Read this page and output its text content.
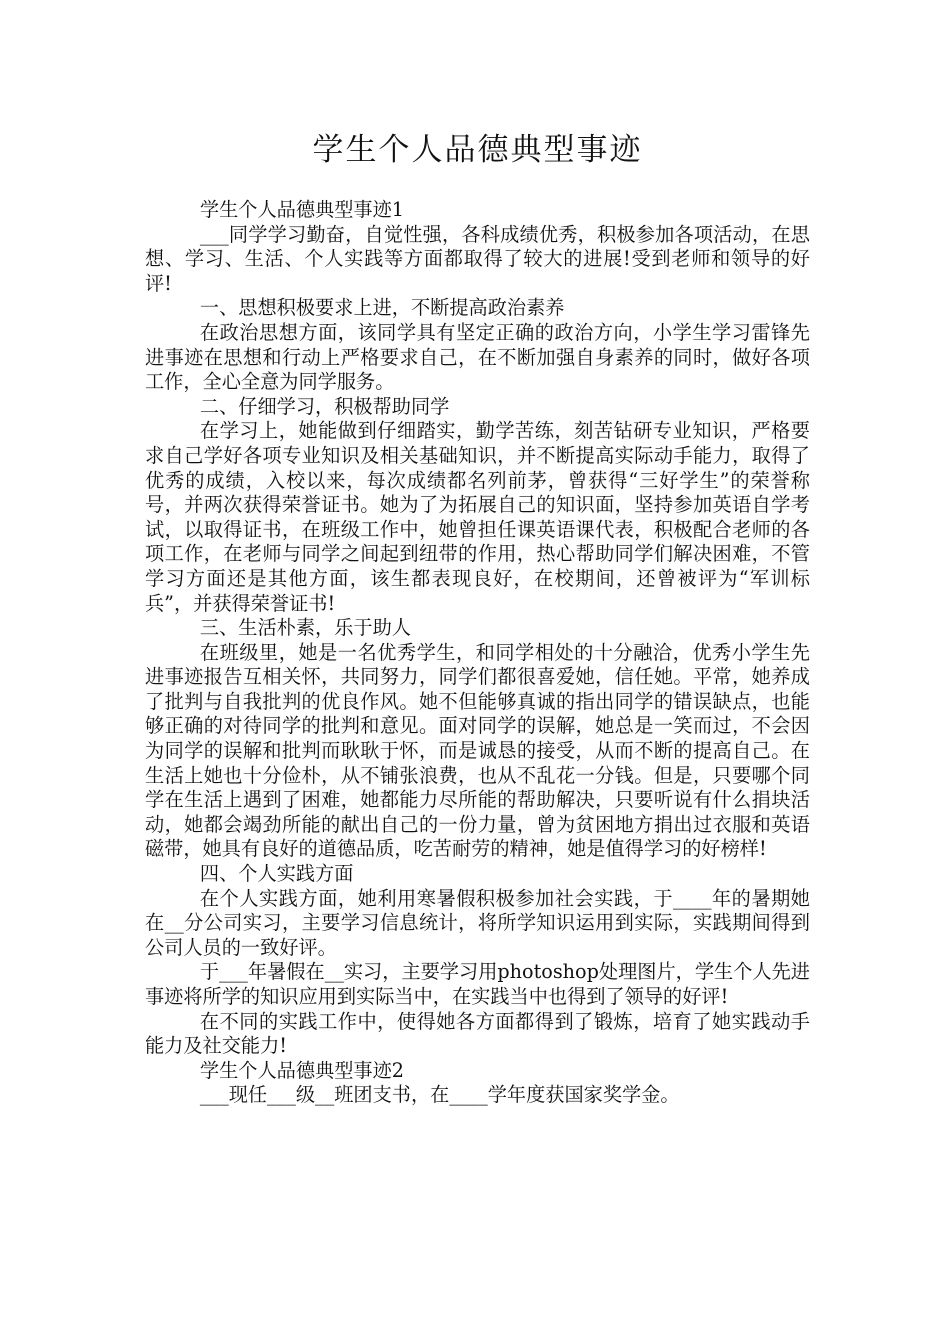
学生个人品德典型事迹

学生个人品德典型事迹1

___同学学习勤奋，自觉性强，各科成绩优秀，积极参加各项活动，在思想、学习、生活、个人实践等方面都取得了较大的进展!受到老师和领导的好评!

一、思想积极要求上进，不断提高政治素养

在政治思想方面，该同学具有坚定正确的政治方向，小学生学习雷锋先进事迹在思想和行动上严格要求自己，在不断加强自身素养的同时，做好各项工作，全心全意为同学服务。

二、仔细学习，积极帮助同学

在学习上，她能做到仔细踏实，勤学苦练，刻苦钻研专业知识，严格要求自己学好各项专业知识及相关基础知识，并不断提高实际动手能力，取得了优秀的成绩，入校以来，每次成绩都名列前茅，曾获得“三好学生”的荣誉称号，并两次获得荣誉证书。她为了为拓展自己的知识面，坚持参加英语自学考试，以取得证书，在班级工作中，她曾担任课英语课代表，积极配合老师的各项工作，在老师与同学之间起到纽带的作用，热心帮助同学们解决困难，不管学习方面还是其他方面，该生都表现良好，在校期间，还曾被评为“军训标兵”，并获得荣誉证书!

三、生活朴素，乐于助人

在班级里，她是一名优秀学生，和同学相处的十分融洽，优秀小学生先进事迹报告互相关怀，共同努力，同学们都很喜爱她，信任她。平常，她养成了批判与自我批判的优良作风。她不但能够真诚的指出同学的错误缺点，也能够正确的对待同学的批判和意见。面对同学的误解，她总是一笑而过，不会因为同学的误解和批判而耿耿于怀，而是诚恳的接受，从而不断的提高自己。在生活上她也十分俭朴，从不铺张浪费，也从不乱花一分钱。但是，只要哪个同学在生活上遇到了困难，她都能力尽所能的帮助解决，只要听说有什么捐块活动，她都会竭劲所能的献出自己的一份力量，曾为贫困地方捐出过衣服和英语磁带，她具有良好的道德品质，吃苦耐劳的精神，她是值得学习的好榜样!

四、个人实践方面

在个人实践方面，她利用寒暑假积极参加社会实践，于____年的暑期她在__分公司实习，主要学习信息统计，将所学知识运用到实际，实践期间得到公司人员的一致好评。

于___年暑假在__实习，主要学习用photoshop处理图片，学生个人先进事迹将所学的知识应用到实际当中，在实践当中也得到了领导的好评!

在不同的实践工作中，使得她各方面都得到了锻炼，培育了她实践动手能力及社交能力!

学生个人品德典型事迹2

___现任___级__班团支书，在____学年度获国家奖学金。
